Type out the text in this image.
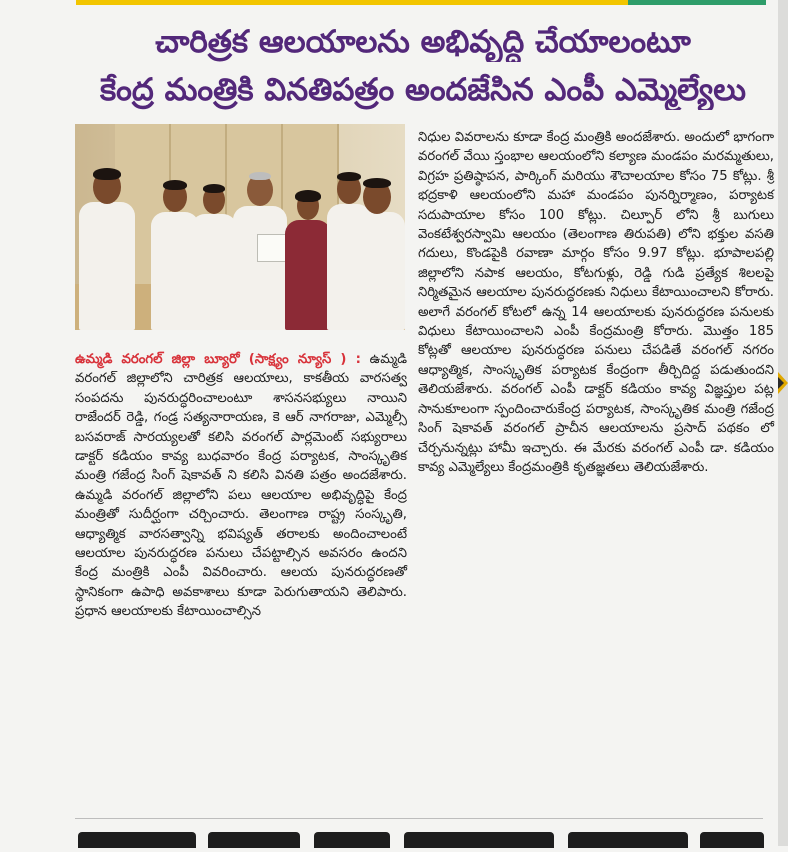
చారిత్రక ఆలయాలను అభివృద్ధి చేయాలంటూ
కేంద్ర మంత్రికి వినతిపత్రం అందజేసిన ఎంపీ ఎమ్మెల్యేలు

ఉమ్మడి వరంగల్ జిల్లా బ్యూరో (సాక్ష్యం న్యూస్ ) : ఉమ్మడి వరంగల్ జిల్లాలోని చారిత్రక ఆలయాలు, కాకతీయ వారసత్వ సంపదను పునరుద్ధరించాలంటూ శాసనసభ్యులు నాయిని రాజేందర్ రెడ్డి, గండ్ర సత్యనారాయణ, కె ఆర్ నాగరాజు, ఎమ్మెల్సీ బసవరాజ్ సారయ్యలతో కలిసి వరంగల్ పార్లమెంట్ సభ్యురాలు డాక్టర్ కడియం కావ్య బుధవారం కేంద్ర పర్యాటక, సాంస్కృతిక మంత్రి గజేంద్ర సింగ్ షెకావత్ ని కలిసి వినతి పత్రం అందజేశారు. ఉమ్మడి వరంగల్ జిల్లాలోని పలు ఆలయాల అభివృద్ధిపై కేంద్ర మంత్రితో సుదీర్ఘంగా చర్చించారు. తెలంగాణ రాష్ట్ర సంస్కృతి, ఆధ్యాత్మిక వారసత్వాన్ని భవిష్యత్ తరాలకు అందించాలంటే ఆలయాల పునరుద్ధరణ పనులు చేపట్టాల్సిన అవసరం ఉందని కేంద్ర మంత్రికి ఎంపీ వివరించారు. ఆలయ పునరుద్ధరణతో స్థానికంగా ఉపాధి అవకాశాలు కూడా పెరుగుతాయని తెలిపారు. ప్రధాన ఆలయాలకు కేటాయించాల్సిన

నిధుల వివరాలను కూడా కేంద్ర మంత్రికి అందజేశారు. అందులో భాగంగా వరంగల్ వేయి స్తంభాల ఆలయంలోని కల్యాణ మండపం మరమ్మతులు, విగ్రహ ప్రతిష్ఠాపన, పార్కింగ్ మరియు శౌచాలయాల కోసం 75 కోట్లు. శ్రీ భద్రకాళి ఆలయంలోని మహా మండపం పునర్నిర్మాణం, పర్యాటక సదుపాయాల కోసం 100 కోట్లు. చిల్పూర్ లోని శ్రీ బుగులు వెంకటేశ్వరస్వామి ఆలయం (తెలంగాణ తిరుపతి) లోని భక్తుల వసతి గదులు, కొండపైకి రవాణా మార్గం కోసం 9.97 కోట్లు. భూపాలపల్లి జిల్లాలోని నపాక ఆలయం, కోటగుళ్లు, రెడ్డి గుడి ప్రత్యేక శిలలపై నిర్మితమైన ఆలయాల పునరుద్ధరణకు నిధులు కేటాయించాలని కోరారు. అలాగే వరంగల్ కోటలో ఉన్న 14 ఆలయాలకు పునరుద్ధరణ పనులకు విధులు కేటాయించాలని ఎంపీ కేంద్రమంత్రి కోరారు. మొత్తం 185 కోట్లతో ఆలయాల పునరుద్ధరణ పనులు చేపడితే వరంగల్ నగరం ఆధ్యాత్మిక, సాంస్కృతిక పర్యాటక కేంద్రంగా తీర్చిదిద్ద పడుతుందని తెలియజేశారు. వరంగల్ ఎంపీ డాక్టర్ కడియం కావ్య విజ్ఞప్తుల పట్ల సానుకూలంగా స్పందించారుకేంద్ర పర్యాటక, సాంస్కృతిక మంత్రి గజేంద్ర సింగ్ షెకావత్ వరంగల్ ప్రాచీన ఆలయాలను ప్రసాద్ పథకం లో చేర్చనున్నట్లు హామీ ఇచ్చారు. ఈ మేరకు వరంగల్ ఎంపీ డా. కడియం కావ్య ఎమ్మెల్యేలు కేంద్రమంత్రికి కృతజ్ఞతలు తెలియజేశారు.
